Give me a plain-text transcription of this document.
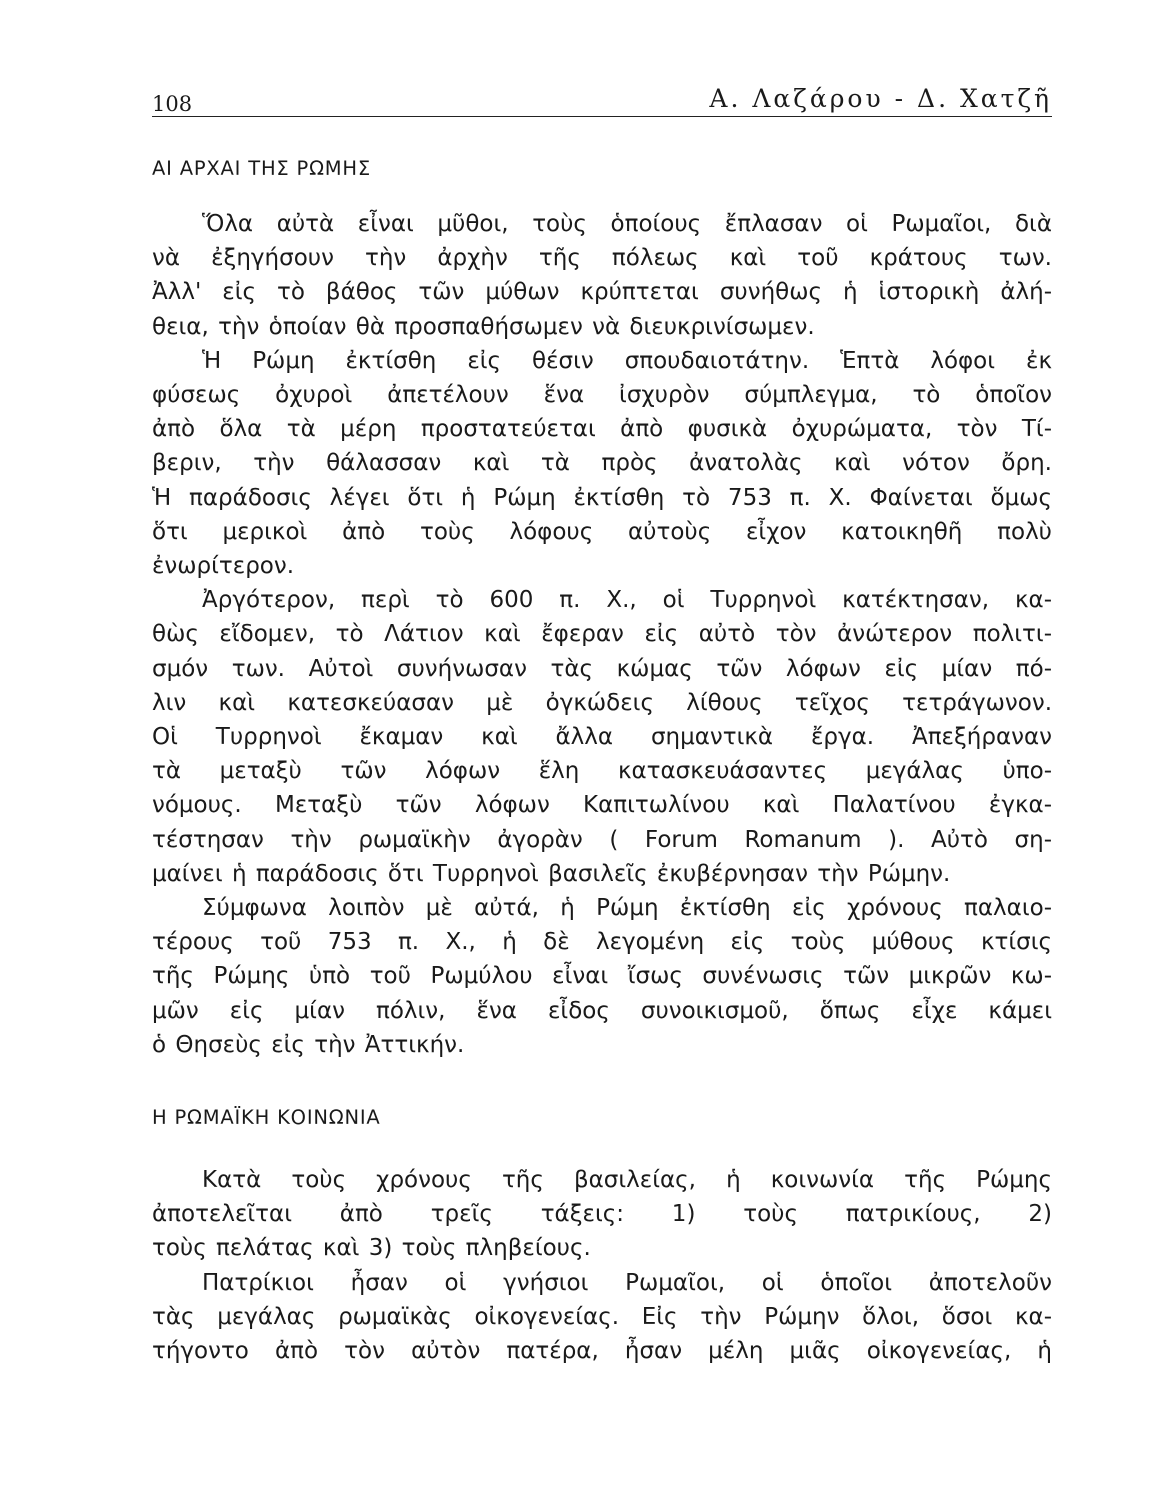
108	Α. Λαζάρου - Δ. Χατζῆ
ΑΙ ΑΡΧΑΙ ΤΗΣ ΡΩΜΗΣ
Ὅλα αὐτὰ εἶναι μῦθοι, τοὺς ὁποίους ἔπλασαν οἱ Ρωμαῖοι, διὰ
νὰ ἐξηγήσουν τὴν ἀρχὴν τῆς πόλεως καὶ τοῦ κράτους των.
Ἀλλ' εἰς τὸ βάθος τῶν μύθων κρύπτεται συνήθως ἡ ἱστορικὴ ἀλή-
θεια, τὴν ὁποίαν θὰ προσπαθήσωμεν νὰ διευκρινίσωμεν.
Ἡ Ρώμη ἐκτίσθη εἰς θέσιν σπουδαιοτάτην. Ἑπτὰ λόφοι ἐκ
φύσεως ὀχυροὶ ἀπετέλουν ἕνα ἰσχυρὸν σύμπλεγμα, τὸ ὁποῖον
ἀπὸ ὅλα τὰ μέρη προστατεύεται ἀπὸ φυσικὰ ὀχυρώματα, τὸν Τί-
βεριν, τὴν θάλασσαν καὶ τὰ πρὸς ἀνατολὰς καὶ νότον ὄρη.
Ἡ παράδοσις λέγει ὅτι ἡ Ρώμη ἐκτίσθη τὸ 753 π. Χ. Φαίνεται ὅμως
ὅτι μερικοὶ ἀπὸ τοὺς λόφους αὐτοὺς εἶχον κατοικηθῆ πολὺ
ἐνωρίτερον.
Ἀργότερον, περὶ τὸ 600 π. Χ., οἱ Τυρρηνοὶ κατέκτησαν, κα-
θὼς εἴδομεν, τὸ Λάτιον καὶ ἔφεραν εἰς αὐτὸ τὸν ἀνώτερον πολιτι-
σμόν των. Αὐτοὶ συνήνωσαν τὰς κώμας τῶν λόφων εἰς μίαν πό-
λιν καὶ κατεσκεύασαν μὲ ὀγκώδεις λίθους τεῖχος τετράγωνον.
Οἱ Τυρρηνοὶ ἔκαμαν καὶ ἄλλα σημαντικὰ ἔργα. Ἀπεξήραναν
τὰ μεταξὺ τῶν λόφων ἕλη κατασκευάσαντες μεγάλας ὑπο-
νόμους. Μεταξὺ τῶν λόφων Καπιτωλίνου καὶ Παλατίνου ἐγκα-
τέστησαν τὴν ρωμαϊκὴν ἀγορὰν ( Forum Romanum ). Αὐτὸ ση-
μαίνει ἡ παράδοσις ὅτι Τυρρηνοὶ βασιλεῖς ἐκυβέρνησαν τὴν Ρώμην.
Σύμφωνα λοιπὸν μὲ αὐτά, ἡ Ρώμη ἐκτίσθη εἰς χρόνους παλαιο-
τέρους τοῦ 753 π. Χ., ἡ δὲ λεγομένη εἰς τοὺς μύθους κτίσις
τῆς Ρώμης ὑπὸ τοῦ Ρωμύλου εἶναι ἴσως συνένωσις τῶν μικρῶν κω-
μῶν εἰς μίαν πόλιν, ἕνα εἶδος συνοικισμοῦ, ὅπως εἶχε κάμει
ὁ Θησεὺς εἰς τὴν Ἀττικήν.
Η ΡΩΜΑΪΚΗ ΚΟΙΝΩΝΙΑ
Κατὰ τοὺς χρόνους τῆς βασιλείας, ἡ κοινωνία τῆς Ρώμης
ἀποτελεῖται ἀπὸ τρεῖς τάξεις: 1) τοὺς πατρικίους, 2)
τοὺς πελάτας καὶ 3) τοὺς πληβείους.
Πατρίκιοι ἦσαν οἱ γνήσιοι Ρωμαῖοι, οἱ ὁποῖοι ἀποτελοῦν
τὰς μεγάλας ρωμαϊκὰς οἰκογενείας. Εἰς τὴν Ρώμην ὅλοι, ὅσοι κα-
τήγοντο ἀπὸ τὸν αὐτὸν πατέρα, ἦσαν μέλη μιᾶς οἰκογενείας, ἡ
